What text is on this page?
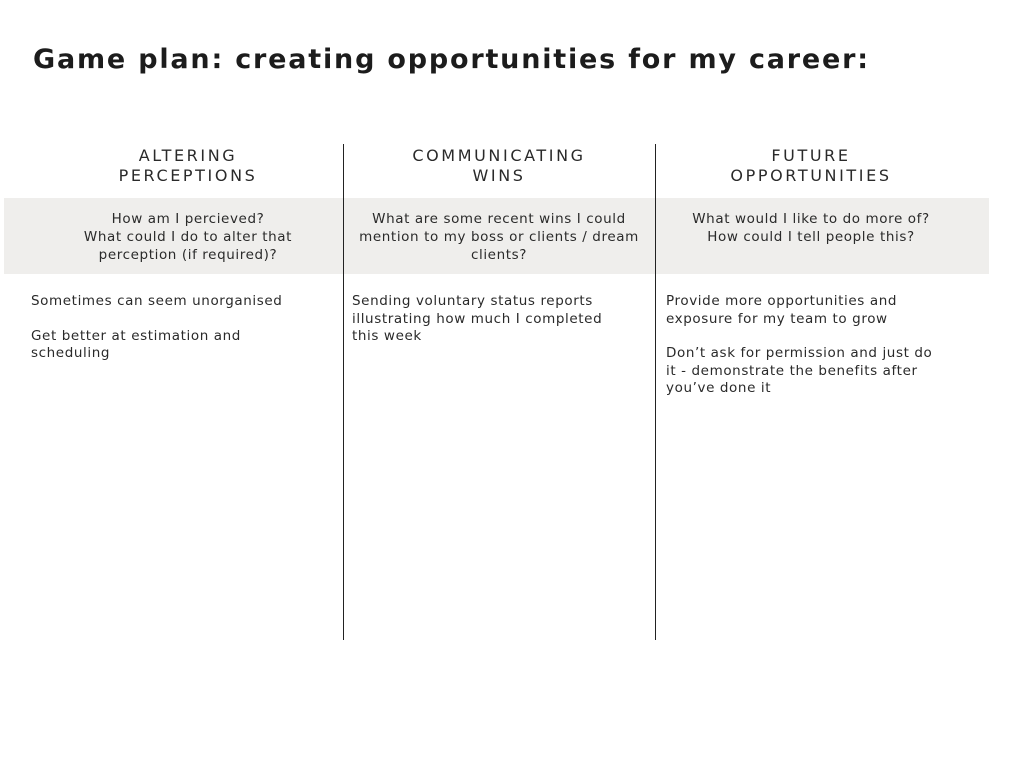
Game plan: creating opportunities for my career:
ALTERING
PERCEPTIONS
How am I percieved?
What could I do to alter that
perception (if required)?

Sometimes can seem unorganised

Get better at estimation and
scheduling

COMMUNICATING
WINS
What are some recent wins I could
mention to my boss or clients / dream
clients?

Sending voluntary status reports
illustrating how much I completed
this week

FUTURE
OPPORTUNITIES
What would I like to do more of?
How could I tell people this?

Provide more opportunities and
exposure for my team to grow

Don’t ask for permission and just do
it - demonstrate the benefits after
you’ve done it
